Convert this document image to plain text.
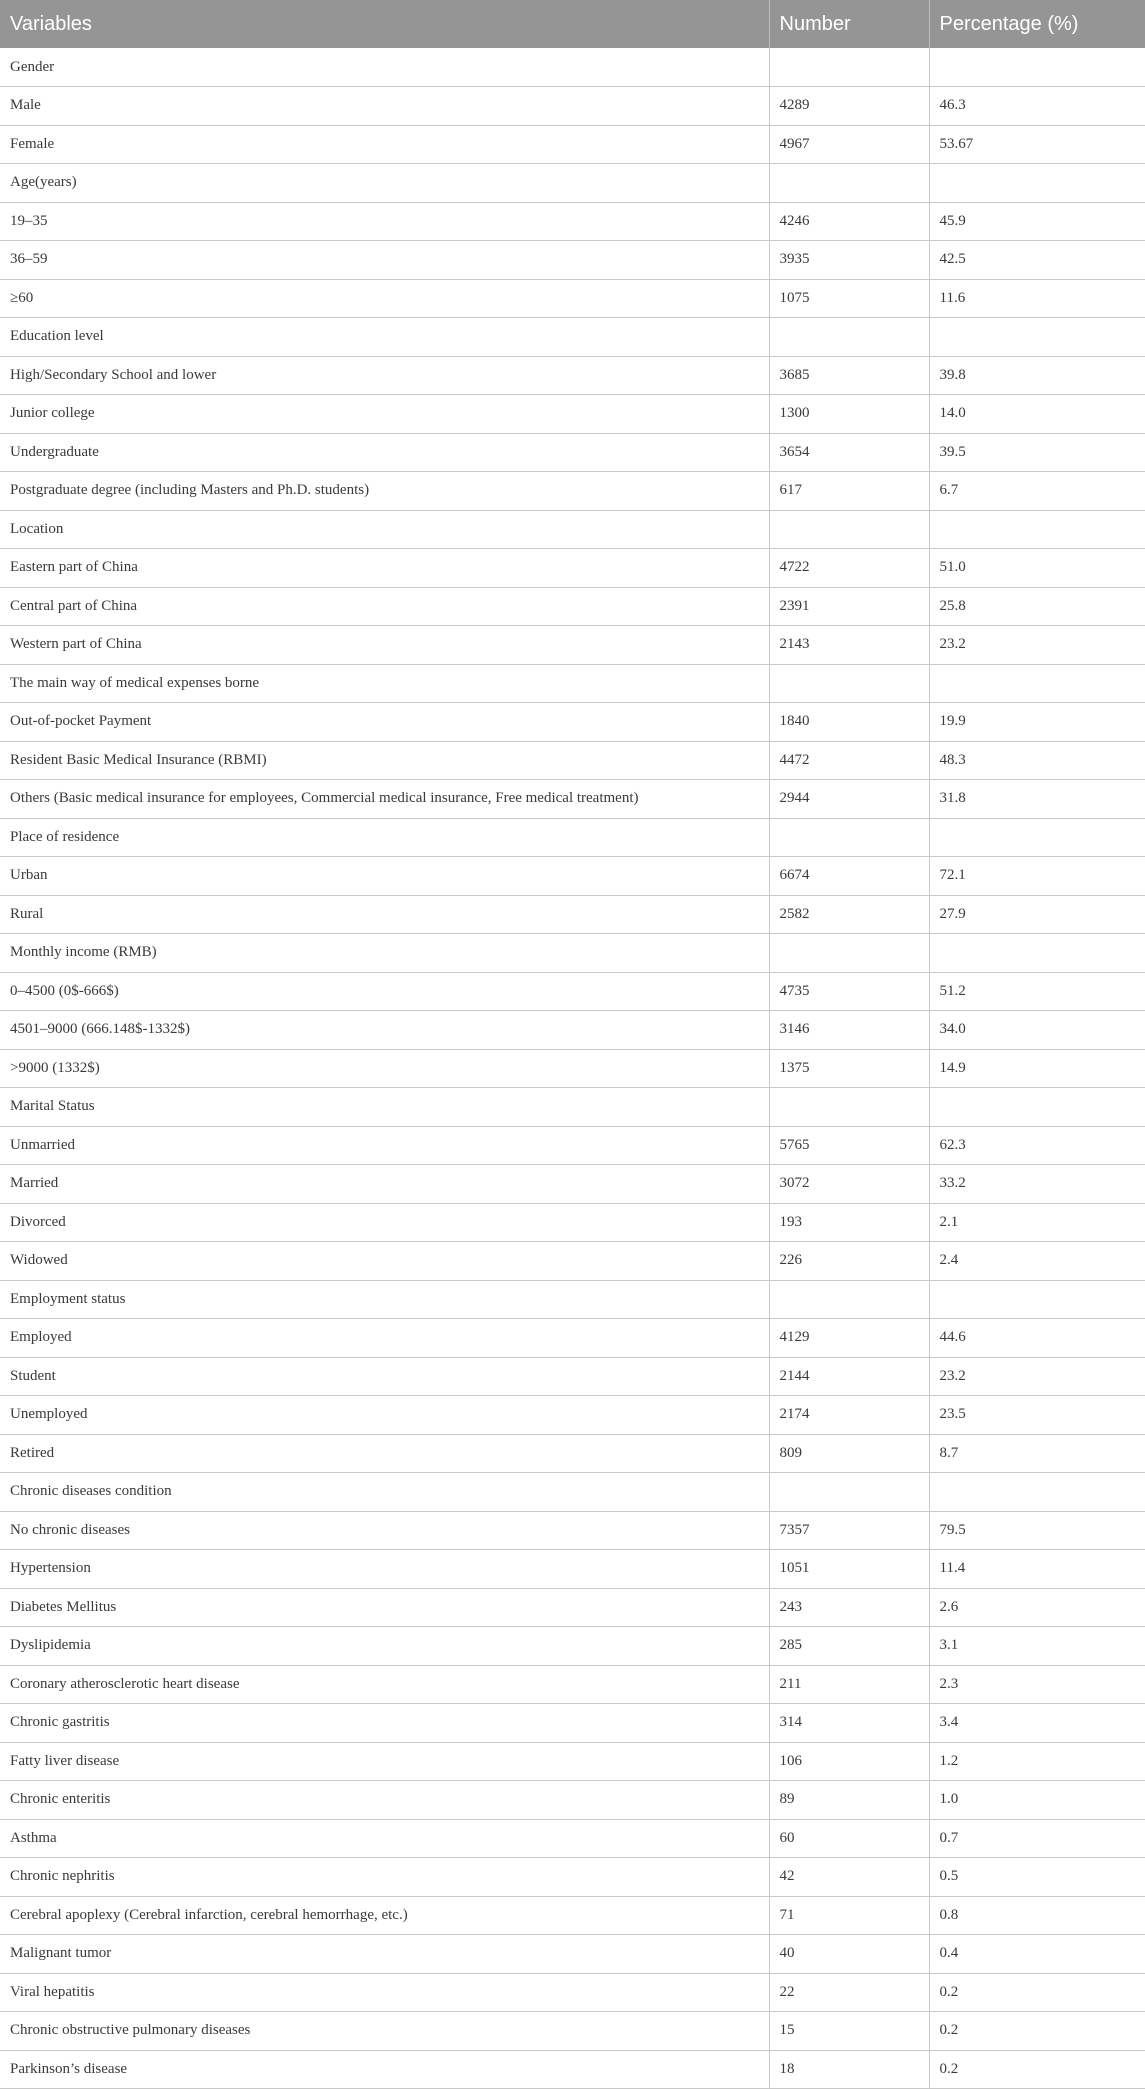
Variables	Number	Percentage (%)
Gender		
Male	4289	46.3
Female	4967	53.67
Age(years)		
19–35	4246	45.9
36–59	3935	42.5
≥60	1075	11.6
Education level		
High/Secondary School and lower	3685	39.8
Junior college	1300	14.0
Undergraduate	3654	39.5
Postgraduate degree (including Masters and Ph.D. students)	617	6.7
Location		
Eastern part of China	4722	51.0
Central part of China	2391	25.8
Western part of China	2143	23.2
The main way of medical expenses borne		
Out-of-pocket Payment	1840	19.9
Resident Basic Medical Insurance (RBMI)	4472	48.3
Others (Basic medical insurance for employees, Commercial medical insurance, Free medical treatment)	2944	31.8
Place of residence		
Urban	6674	72.1
Rural	2582	27.9
Monthly income (RMB)		
0–4500 (0$-666$)	4735	51.2
4501–9000 (666.148$-1332$)	3146	34.0
>9000 (1332$)	1375	14.9
Marital Status		
Unmarried	5765	62.3
Married	3072	33.2
Divorced	193	2.1
Widowed	226	2.4
Employment status		
Employed	4129	44.6
Student	2144	23.2
Unemployed	2174	23.5
Retired	809	8.7
Chronic diseases condition		
No chronic diseases	7357	79.5
Hypertension	1051	11.4
Diabetes Mellitus	243	2.6
Dyslipidemia	285	3.1
Coronary atherosclerotic heart disease	211	2.3
Chronic gastritis	314	3.4
Fatty liver disease	106	1.2
Chronic enteritis	89	1.0
Asthma	60	0.7
Chronic nephritis	42	0.5
Cerebral apoplexy (Cerebral infarction, cerebral hemorrhage, etc.)	71	0.8
Malignant tumor	40	0.4
Viral hepatitis	22	0.2
Chronic obstructive pulmonary diseases	15	0.2
Parkinson’s disease	18	0.2
